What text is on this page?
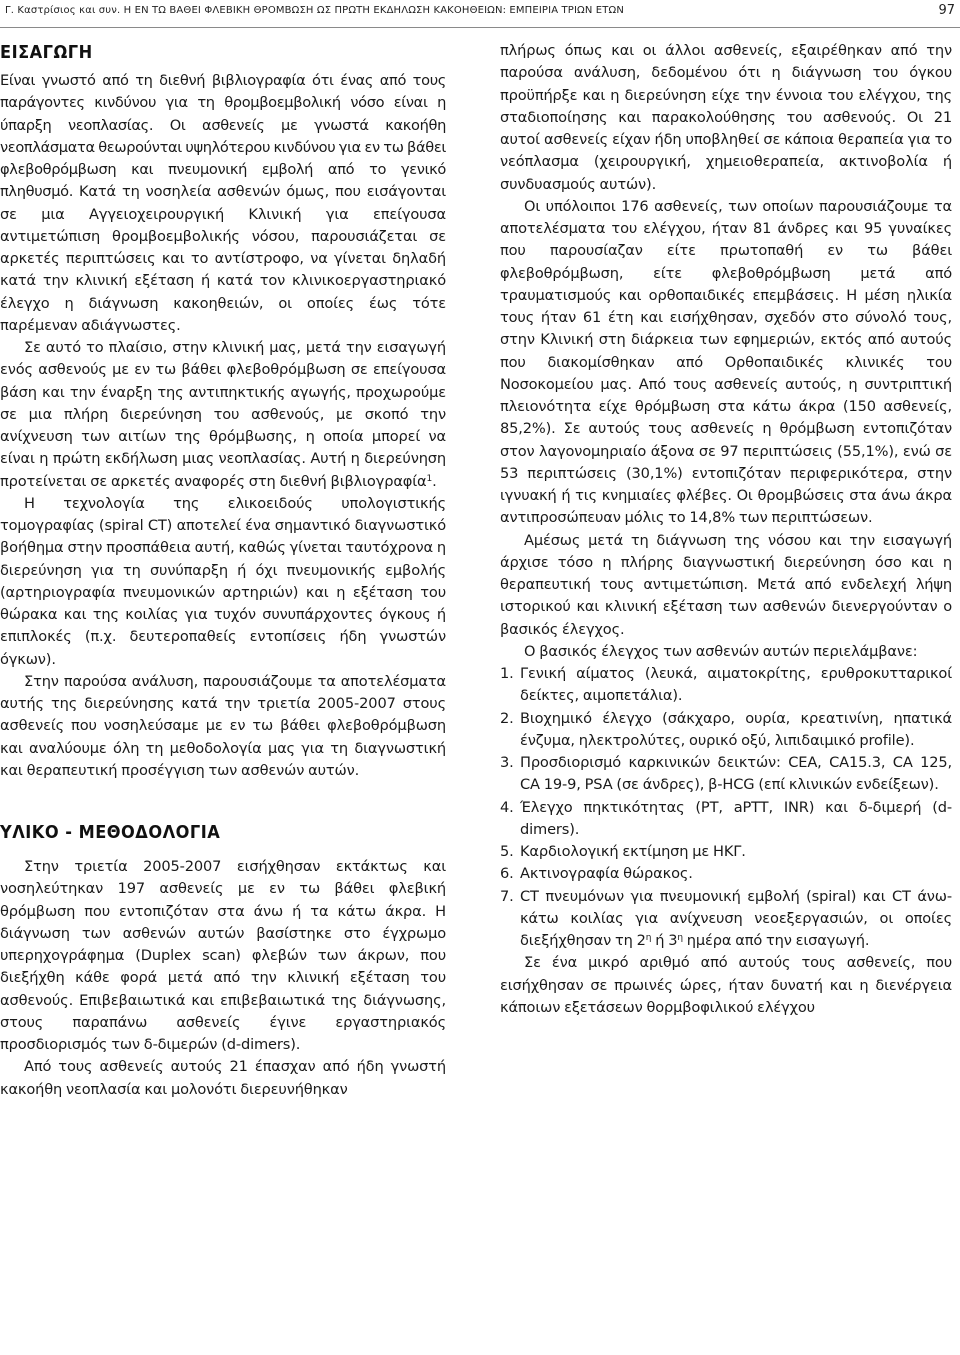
Γ. Καστρίσιος και συν. Η ΕΝ ΤΩ ΒΑΘΕΙ ΦΛΕΒΙΚΗ ΘΡΟΜΒΩΣΗ ΩΣ ΠΡΩΤΗ ΕΚΔΗΛΩΣΗ ΚΑΚΟΗΘΕΙΩΝ: ΕΜΠΕΙΡΙΑ ΤΡΙΩΝ ΕΤΩΝ	97
ΕΙΣΑΓΩΓΗ

Είναι γνωστό από τη διεθνή βιβλιογραφία ότι ένας από τους παράγοντες κινδύνου για τη θρομβοεμβολική νόσο είναι η ύπαρξη νεοπλασίας. Οι ασθενείς με γνωστά κακοήθη νεοπλάσματα θεωρούνται υψηλότερου κινδύνου για εν τω βάθει φλεβοθρόμβωση και πνευμονική εμβολή από το γενικό πληθυσμό. Κατά τη νοσηλεία ασθενών όμως, που εισάγονται σε μια Αγγειοχειρουργική Κλινική για επείγουσα αντιμετώπιση θρομβοεμβολικής νόσου, παρουσιάζεται σε αρκετές περιπτώσεις και το αντίστροφο, να γίνεται δηλαδή κατά την κλινική εξέταση ή κατά τον κλινικοεργαστηριακό έλεγχο η διάγνωση κακοηθειών, οι οποίες έως τότε παρέμεναν αδιάγνωστες.

Σε αυτό το πλαίσιο, στην κλινική μας, μετά την εισαγωγή ενός ασθενούς με εν τω βάθει φλεβοθρόμβωση σε επείγουσα βάση και την έναρξη της αντιπηκτικής αγωγής, προχωρούμε σε μια πλήρη διερεύνηση του ασθενούς, με σκοπό την ανίχνευση των αιτίων της θρόμβωσης, η οποία μπορεί να είναι η πρώτη εκδήλωση μιας νεοπλασίας. Αυτή η διερεύνηση προτείνεται σε αρκετές αναφορές στη διεθνή βιβλιογραφία$^1$.

Η τεχνολογία της ελικοειδούς υπολογιστικής τομογραφίας (spiral CT) αποτελεί ένα σημαντικό διαγνωστικό βοήθημα στην προσπάθεια αυτή, καθώς γίνεται ταυτόχρονα η διερεύνηση για τη συνύπαρξη ή όχι πνευμονικής εμβολής (αρτηριογραφία πνευμονικών αρτηριών) και η εξέταση του θώρακα και της κοιλίας για τυχόν συνυπάρχοντες όγκους ή επιπλοκές (π.χ. δευτεροπαθείς εντοπίσεις ήδη γνωστών όγκων).

Στην παρούσα ανάλυση, παρουσιάζουμε τα αποτελέσματα αυτής της διερεύνησης κατά την τριετία 2005-2007 στους ασθενείς που νοσηλεύσαμε με εν τω βάθει φλεβοθρόμβωση και αναλύουμε όλη τη μεθοδολογία μας για τη διαγνωστική και θεραπευτική προσέγγιση των ασθενών αυτών.

ΥΛΙΚΟ - ΜΕΘΟΔΟΛΟΓΙΑ

Στην τριετία 2005-2007 εισήχθησαν εκτάκτως και νοσηλεύτηκαν 197 ασθενείς με εν τω βάθει φλεβική θρόμβωση που εντοπιζόταν στα άνω ή τα κάτω άκρα. Η διάγνωση των ασθενών αυτών βασίστηκε στο έγχρωμο υπερηχογράφημα (Duplex scan) φλεβών των άκρων, που διεξήχθη κάθε φορά μετά από την κλινική εξέταση του ασθενούς. Επιβεβαιωτικά και επιβεβαιωτικά της διάγνωσης, στους παραπάνω ασθενείς έγινε εργαστηριακός προσδιορισμός των δ-διμερών (d-dimers).

Από τους ασθενείς αυτούς 21 έπασχαν από ήδη γνωστή κακοήθη νεοπλασία και μολονότι διερευνήθηκαν

πλήρως όπως και οι άλλοι ασθενείς, εξαιρέθηκαν από την παρούσα ανάλυση, δεδομένου ότι η διάγνωση του όγκου προϋπήρξε και η διερεύνηση είχε την έννοια του ελέγχου, της σταδιοποίησης και παρακολούθησης του ασθενούς. Οι 21 αυτοί ασθενείς είχαν ήδη υποβληθεί σε κάποια θεραπεία για το νεόπλασμα (χειρουργική, χημειοθεραπεία, ακτινοβολία ή συνδυασμούς αυτών).

Οι υπόλοιποι 176 ασθενείς, των οποίων παρουσιάζουμε τα αποτελέσματα του ελέγχου, ήταν 81 άνδρες και 95 γυναίκες που παρουσίαζαν είτε πρωτοπαθή εν τω βάθει φλεβοθρόμβωση, είτε φλεβοθρόμβωση μετά από τραυματισμούς και ορθοπαιδικές επεμβάσεις. Η μέση ηλικία τους ήταν 61 έτη και εισήχθησαν, σχεδόν στο σύνολό τους, στην Κλινική στη διάρκεια των εφημεριών, εκτός από αυτούς που διακομίσθηκαν από Ορθοπαιδικές κλινικές του Νοσοκομείου μας. Από τους ασθενείς αυτούς, η συντριπτική πλειονότητα είχε θρόμβωση στα κάτω άκρα (150 ασθενείς, 85,2%). Σε αυτούς τους ασθενείς η θρόμβωση εντοπιζόταν στον λαγονομηριαίο άξονα σε 97 περιπτώσεις (55,1%), ενώ σε 53 περιπτώσεις (30,1%) εντοπιζόταν περιφερικότερα, στην ιγνυακή ή τις κνημιαίες φλέβες. Οι θρομβώσεις στα άνω άκρα αντιπροσώπευαν μόλις το 14,8% των περιπτώσεων.

Αμέσως μετά τη διάγνωση της νόσου και την εισαγωγή άρχισε τόσο η πλήρης διαγνωστική διερεύνηση όσο και η θεραπευτική τους αντιμετώπιση. Μετά από ενδελεχή λήψη ιστορικού και κλινική εξέταση των ασθενών διενεργούνταν ο βασικός έλεγχος.

Ο βασικός έλεγχος των ασθενών αυτών περιελάμβανε:

1. Γενική αίματος (λευκά, αιματοκρίτης, ερυθροκυτταρικοί δείκτες, αιμοπετάλια).
2. Βιοχημικό έλεγχο (σάκχαρο, ουρία, κρεατινίνη, ηπατικά ένζυμα, ηλεκτρολύτες, ουρικό οξύ, λιπιδαιμικό profile).
3. Προσδιορισμό καρκινικών δεικτών: CEA, CA15.3, CA 125, CA 19-9, PSA (σε άνδρες), β-HCG (επί κλινικών ενδείξεων).
4. Έλεγχο πηκτικότητας (PT, aPTT, INR) και δ-διμερή (d-dimers).
5. Καρδιολογική εκτίμηση με ΗΚΓ.
6. Ακτινογραφία θώρακος.
7. CT πνευμόνων για πνευμονική εμβολή (spiral) και CT άνω-κάτω κοιλίας για ανίχνευση νεοεξεργασιών, οι οποίες διεξήχθησαν τη $2^\eta$ ή $3^\eta$ ημέρα από την εισαγωγή.

Σε ένα μικρό αριθμό από αυτούς τους ασθενείς, που εισήχθησαν σε πρωινές ώρες, ήταν δυνατή και η διενέργεια κάποιων εξετάσεων θορμβοφιλικού ελέγχου
